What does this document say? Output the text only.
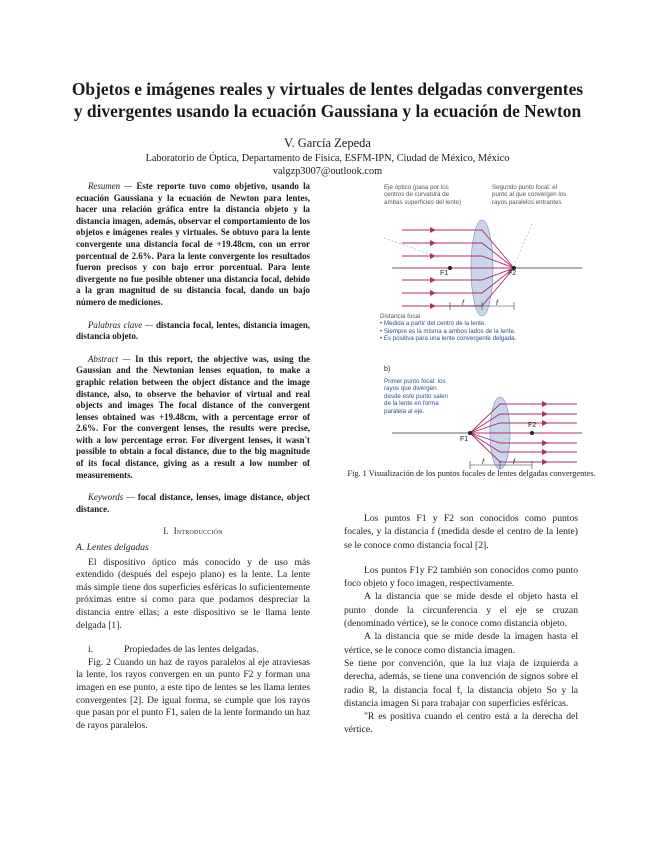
Objetos e imágenes reales y virtuales de lentes delgadas convergentes
y divergentes usando la ecuación Gaussiana y la ecuación de Newton
V. García Zepeda
Laboratorio de Óptica, Departamento de Física, ESFM-IPN, Ciudad de México, México
valgzp3007@outlook.com

Resumen — Este reporte tuvo como objetivo, usando la ecuación Gaussiana y la ecuación de Newton para lentes, hacer una relación gráfica entre la distancia objeto y la distancia imagen, además, observar el comportamiento de los objetos e imágenes reales y virtuales. Se obtuvo para la lente convergente una distancia focal de +19.48cm, con un error porcentual de 2.6%. Para la lente convergente los resultados fueron precisos y con bajo error porcentual. Para lente divergente no fue posible obtener una distancia focal, debido a la gran magnitud de su distancia focal, dando un bajo número de mediciones.

Palabras clave — distancia focal, lentes, distancia imagen, distancia objeto.

Abstract — In this report, the objective was, using the Gaussian and the Newtonian lenses equation, to make a graphic relation between the object distance and the image distance, also, to observe the behavior of virtual and real objects and images The focal distance of the convergent lenses obtained was +19.48cm, with a percentage error of 2.6%. For the convergent lenses, the results were precise, with a low percentage error. For divergent lenses, it wasn't possible to obtain a focal distance, due to the big magnitude of its focal distance, giving as a result a low number of measurements.

Keywords — focal distance, lenses, image distance, object distance.

I. Introducción
A. Lentes delgadas

El dispositivo óptico más conocido y de uso más extendido (después del espejo plano) es la lente. La lente más simple tiene dos superficies esféricas lo suficientemente próximas entre sí como para que podamos despreciar la distancia entre ellas; a este dispositivo se le llama lente delgada [1].

i.	Propiedades de las lentes delgadas.

Fig. 2 Cuando un haz de rayos paralelos al eje atraviesas la lente, los rayos convergen en un punto F2 y forman una imagen en ese punto, a este tipo de lentes se les llama lentes convergentes [2]. De igual forma, se cumple que los rayos que pasan por el punto F1, salen de la lente formando un haz de rayos paralelos.

Eje óptico (pasa por los centros de curvatura de ambas superficies del lente)
Segundo punto focal: el punto al que convergen los rayos paralelos entrantes
F1	F2
f	f
Distancia focal
• Medida a partir del centro de la lente.
• Siempre es la misma a ambos lados de la lente.
• Es positiva para una lente convergente delgada.
b)
Primer punto focal: los rayos que divergen desde este punto salen de la lente en forma paralela al eje.
F1
F2
f	f
Fig. 1 Visualización de los puntos focales de lentes delgadas convergentes.

Los puntos F1 y F2 son conocidos como puntos focales, y la distancia f (medida desde el centro de la lente) se le conoce como distancia focal [2].

Los puntos F1y F2 también son conocidos como punto foco objeto y foco imagen, respectivamente.

A la distancia que se mide desde el objeto hasta el punto donde la circunferencia y el eje se cruzan (denominado vértice), se le conoce como distancia objeto.

A la distancia que se mide desde la imagen hasta el vértice, se le conoce como distancia imagen.

Se tiene por convención, que la luz viaja de izquierda a derecha, además, se tiene una convención de signos sobre el radio R, la distancia focal f, la distancia objeto So y la distancia imagen Si para trabajar con superficies esféricas.

"R es positiva cuando el centro está a la derecha del vértice.
